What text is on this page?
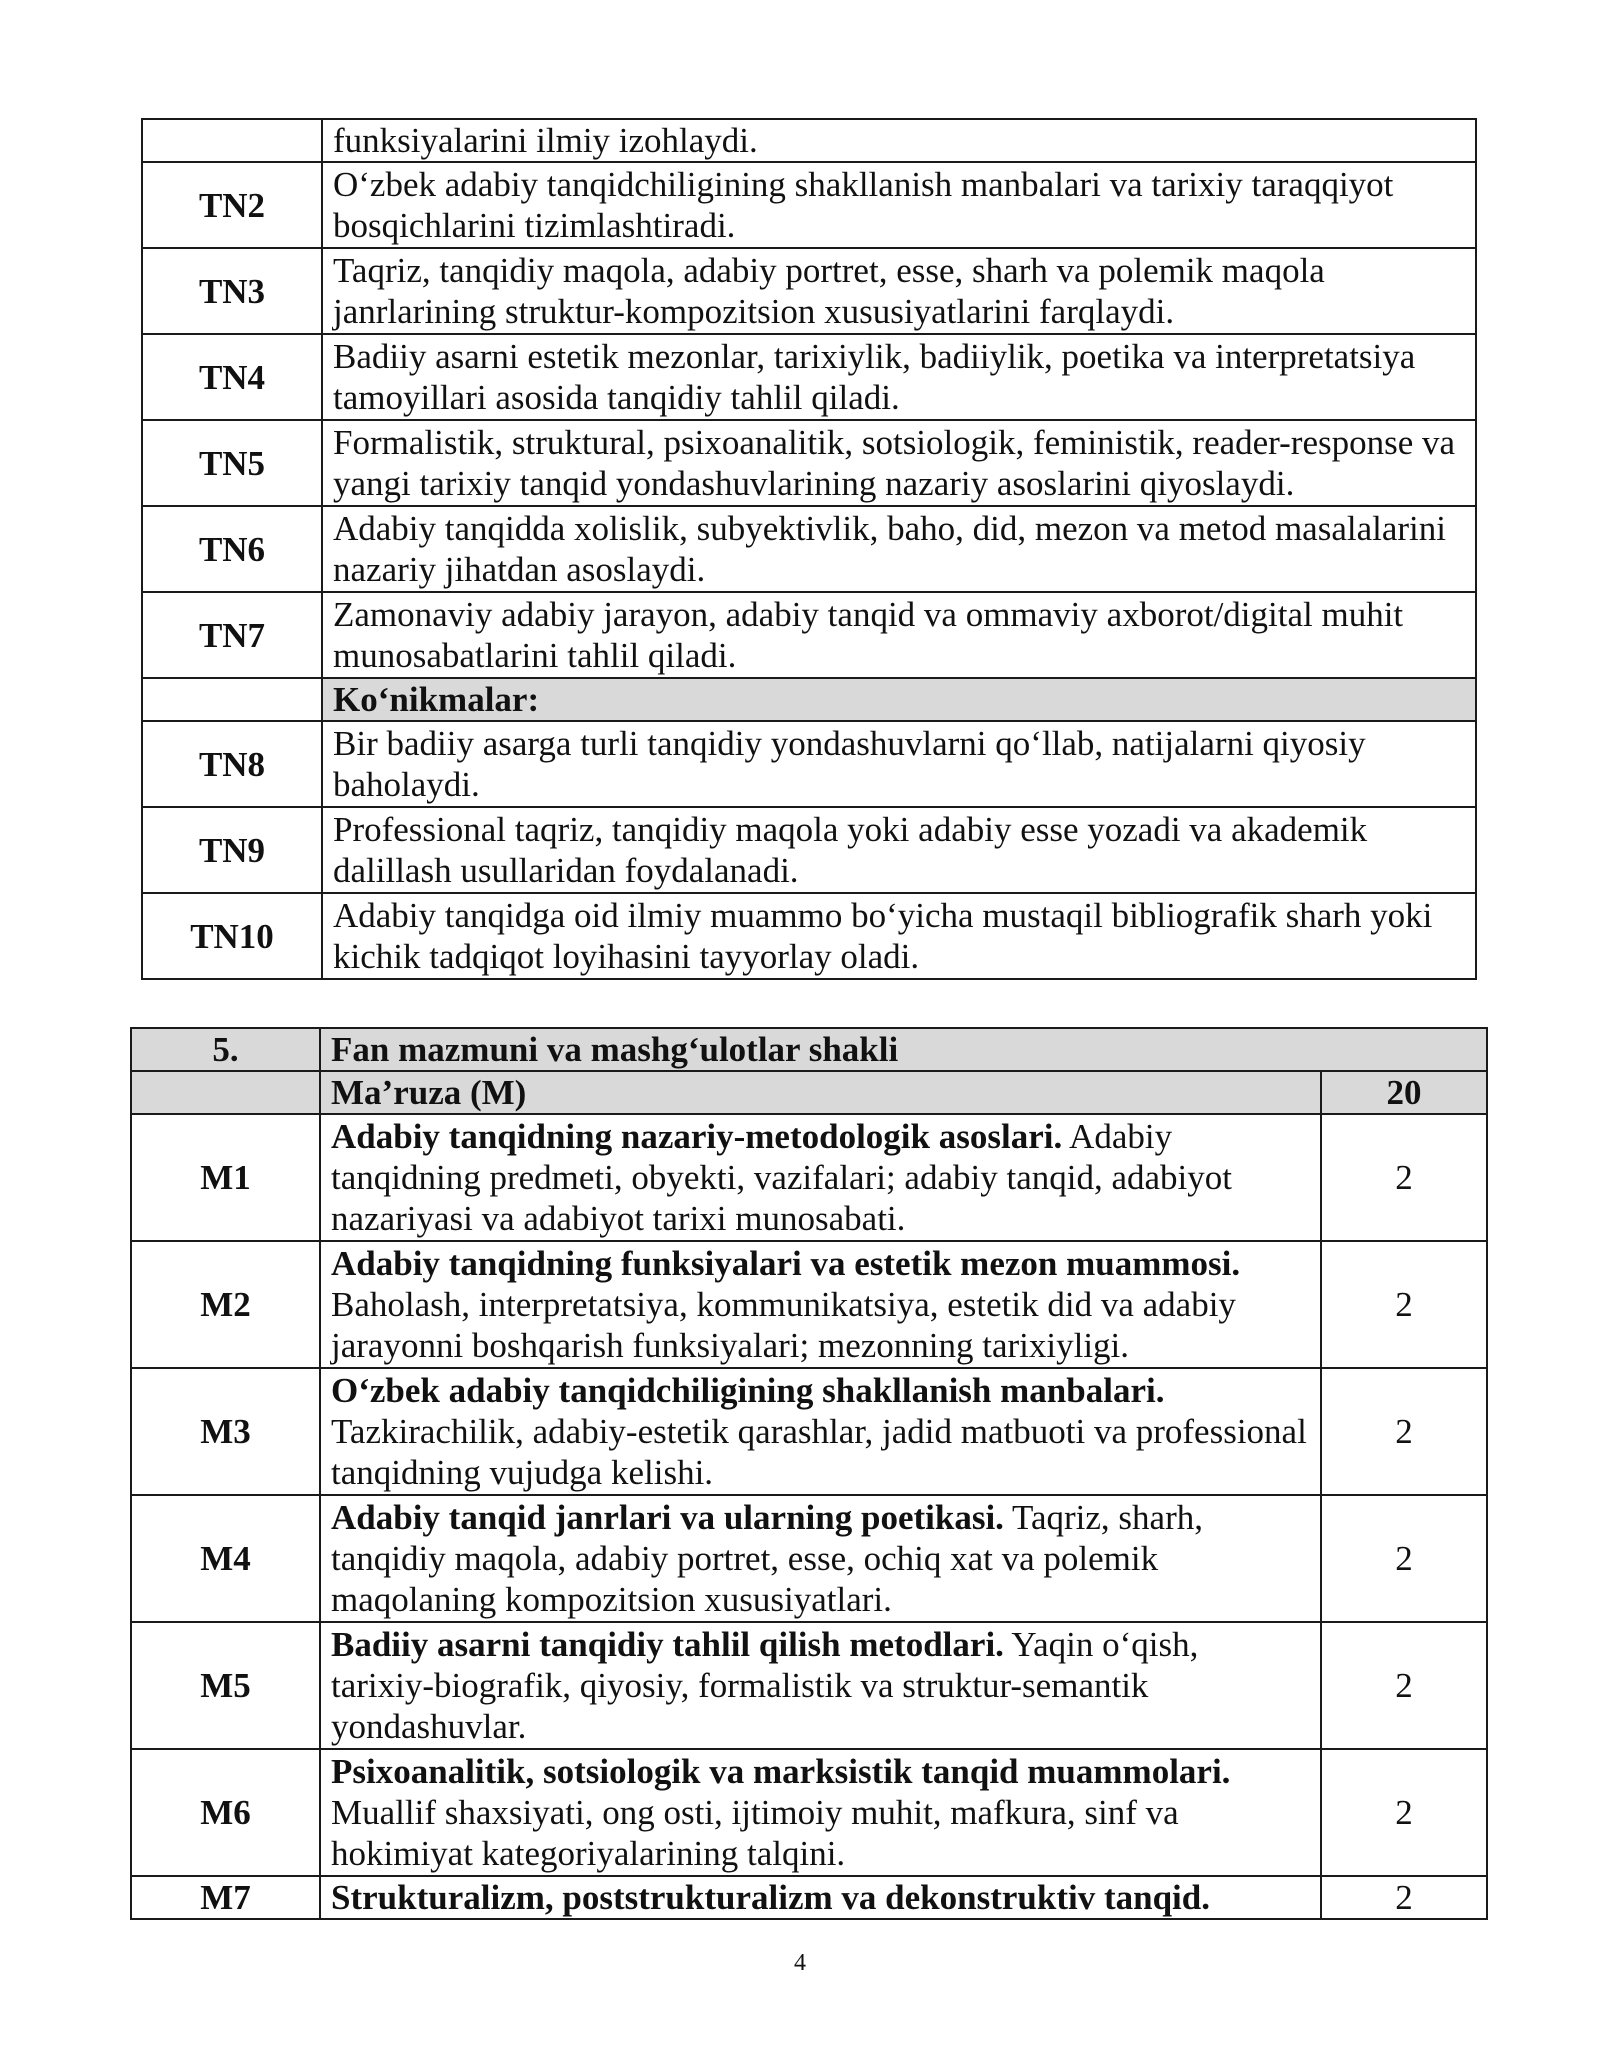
	funksiyalarini ilmiy izohlaydi.
TN2	O‘zbek adabiy tanqidchiligining shakllanish manbalari va tarixiy taraqqiyot bosqichlarini tizimlashtiradi.
TN3	Taqriz, tanqidiy maqola, adabiy portret, esse, sharh va polemik maqola janrlarining struktur-kompozitsion xususiyatlarini farqlaydi.
TN4	Badiiy asarni estetik mezonlar, tarixiylik, badiiylik, poetika va interpretatsiya tamoyillari asosida tanqidiy tahlil qiladi.
TN5	Formalistik, struktural, psixoanalitik, sotsiologik, feministik, reader-response va yangi tarixiy tanqid yondashuvlarining nazariy asoslarini qiyoslaydi.
TN6	Adabiy tanqidda xolislik, subyektivlik, baho, did, mezon va metod masalalarini nazariy jihatdan asoslaydi.
TN7	Zamonaviy adabiy jarayon, adabiy tanqid va ommaviy axborot/digital muhit munosabatlarini tahlil qiladi.
	Ko‘nikmalar:
TN8	Bir badiiy asarga turli tanqidiy yondashuvlarni qo‘llab, natijalarni qiyosiy baholaydi.
TN9	Professional taqriz, tanqidiy maqola yoki adabiy esse yozadi va akademik dalillash usullaridan foydalanadi.
TN10	Adabiy tanqidga oid ilmiy muammo bo‘yicha mustaqil bibliografik sharh yoki kichik tadqiqot loyihasini tayyorlay oladi.
5.	Fan mazmuni va mashg‘ulotlar shakli	
	Ma’ruza (M)	20
M1	Adabiy tanqidning nazariy-metodologik asoslari. Adabiy tanqidning predmeti, obyekti, vazifalari; adabiy tanqid, adabiyot nazariyasi va adabiyot tarixi munosabati.	2
M2	Adabiy tanqidning funksiyalari va estetik mezon muammosi. Baholash, interpretatsiya, kommunikatsiya, estetik did va adabiy jarayonni boshqarish funksiyalari; mezonning tarixiyligi.	2
M3	O‘zbek adabiy tanqidchiligining shakllanish manbalari. Tazkirachilik, adabiy-estetik qarashlar, jadid matbuoti va professional tanqidning vujudga kelishi.	2
M4	Adabiy tanqid janrlari va ularning poetikasi. Taqriz, sharh, tanqidiy maqola, adabiy portret, esse, ochiq xat va polemik maqolaning kompozitsion xususiyatlari.	2
M5	Badiiy asarni tanqidiy tahlil qilish metodlari. Yaqin o‘qish, tarixiy-biografik, qiyosiy, formalistik va struktur-semantik yondashuvlar.	2
M6	Psixoanalitik, sotsiologik va marksistik tanqid muammolari. Muallif shaxsiyati, ong osti, ijtimoiy muhit, mafkura, sinf va hokimiyat kategoriyalarining talqini.	2
M7	Strukturalizm, poststrukturalizm va dekonstruktiv tanqid.	2
4
